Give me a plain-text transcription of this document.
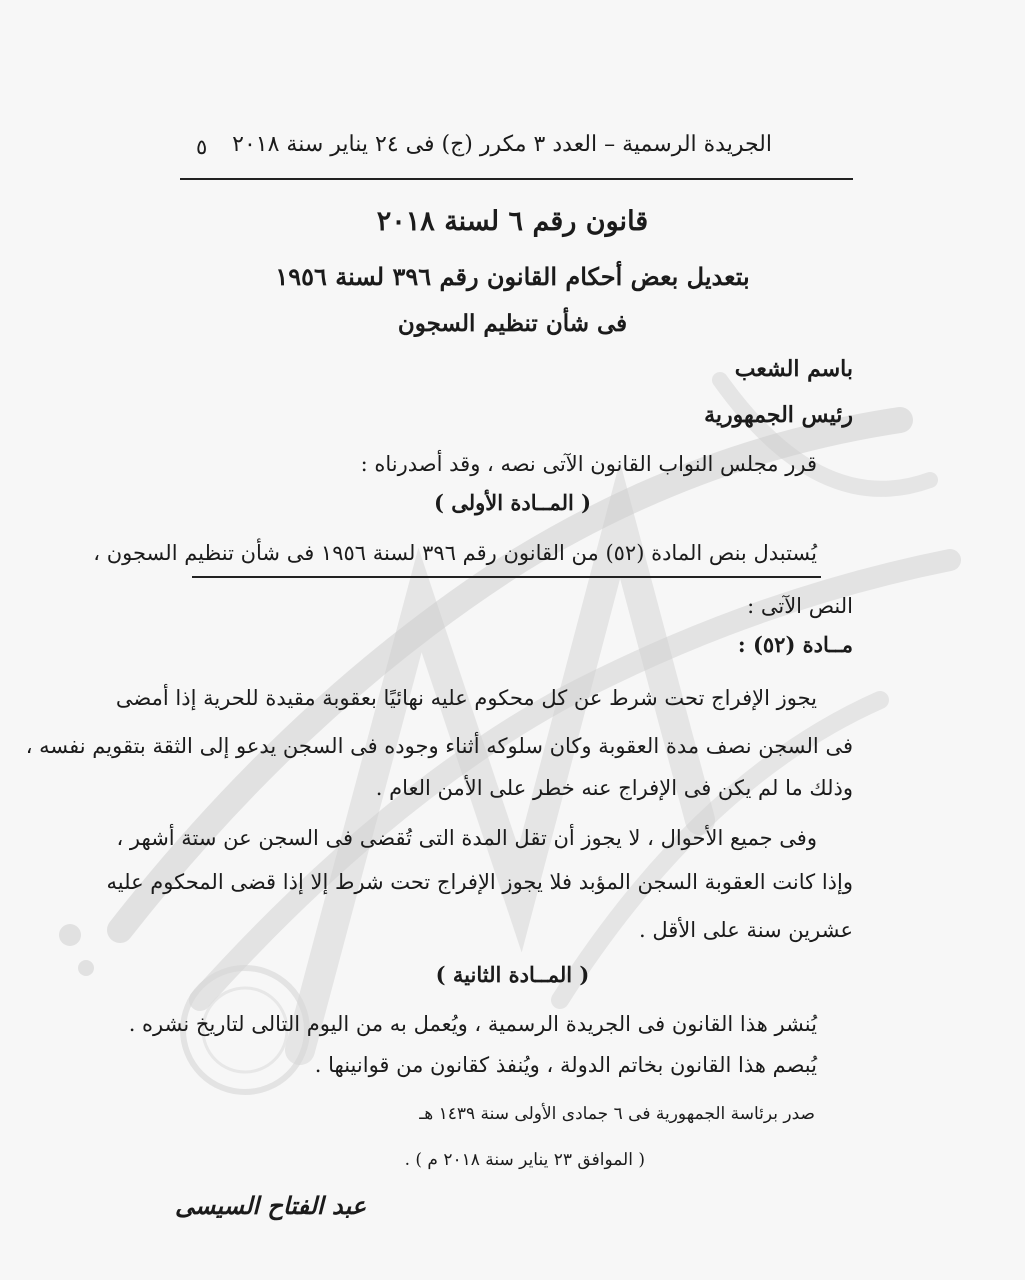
الجريدة الرسمية – العدد ٣ مكرر (ج) فى ٢٤ يناير سنة ٢٠١٨
٥
قانون رقم ٦ لسنة ٢٠١٨
بتعديل بعض أحكام القانون رقم ٣٩٦ لسنة ١٩٥٦
فى شأن تنظيم السجون
باسم الشعب
رئيس الجمهورية
قرر مجلس النواب القانون الآتى نصه ، وقد أصدرناه :
( المــادة الأولى )
يُستبدل بنص المادة (٥٢) من القانون رقم ٣٩٦ لسنة ١٩٥٦ فى شأن تنظيم السجون ،
النص الآتى :
مــادة (٥٢) :
يجوز الإفراج تحت شرط عن كل محكوم عليه نهائيًا بعقوبة مقيدة للحرية إذا أمضى
فى السجن نصف مدة العقوبة وكان سلوكه أثناء وجوده فى السجن يدعو إلى الثقة بتقويم نفسه ،
وذلك ما لم يكن فى الإفراج عنه خطر على الأمن العام .
وفى جميع الأحوال ، لا يجوز أن تقل المدة التى تُقضى فى السجن عن ستة أشهر ،
وإذا كانت العقوبة السجن المؤبد فلا يجوز الإفراج تحت شرط إلا إذا قضى المحكوم عليه
عشرين سنة على الأقل .
( المــادة الثانية )
يُنشر هذا القانون فى الجريدة الرسمية ، ويُعمل به من اليوم التالى لتاريخ نشره .
يُبصم هذا القانون بخاتم الدولة ، ويُنفذ كقانون من قوانينها .
صدر برئاسة الجمهورية فى ٦ جمادى الأولى سنة ١٤٣٩ هـ
( الموافق ٢٣ يناير سنة ٢٠١٨ م ) .
عبد الفتاح السيسى
